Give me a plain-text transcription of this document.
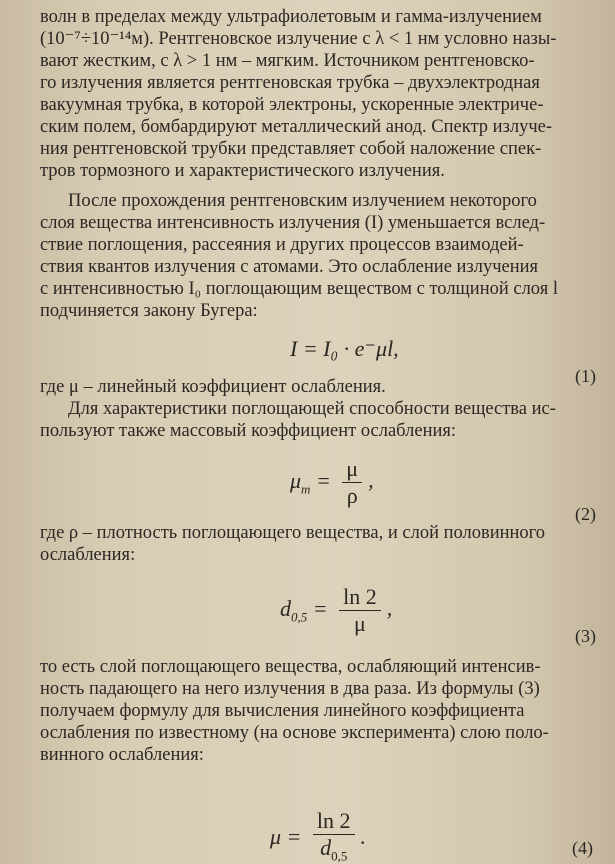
волн в пределах между ультрафиолетовым и гамма-излучением
(10⁻⁷÷10⁻¹⁴м). Рентгеновское излучение с λ < 1 нм условно назы-
вают жестким, с λ > 1 нм – мягким. Источником рентгеновско-
го излучения является рентгеновская трубка – двухэлектродная
вакуумная трубка, в которой электроны, ускоренные электриче-
ским полем, бомбардируют металлический анод. Спектр излуче-
ния рентгеновской трубки представляет собой наложение спек-
тров тормозного и характеристического излучения.
После прохождения рентгеновским излучением некоторого
слоя вещества интенсивность излучения (I) уменьшается вслед-
ствие поглощения, рассеяния и других процессов взаимодей-
ствия квантов излучения с атомами. Это ослабление излучения
с интенсивностью I₀ поглощающим веществом с толщиной слоя l
подчиняется закону Бугера:
I = I₀ · e⁻μl,
(1)
где μ – линейный коэффициент ослабления.
Для характеристики поглощающей способности вещества ис-
пользуют также массовый коэффициент ослабления:
$\mu_m = \frac{\mu}{\rho}$ ,
(2)
где ρ – плотность поглощающего вещества, и слой половинного
ослабления:
$d_{0,5} = \frac{\ln 2}{\mu}$ ,
(3)
то есть слой поглощающего вещества, ослабляющий интенсив-
ность падающего на него излучения в два раза. Из формулы (3)
получаем формулу для вычисления линейного коэффициента
ослабления по известному (на основе эксперимента) слою поло-
винного ослабления:
$\mu = \frac{\ln 2}{d_{0,5}}$ .	(4)
